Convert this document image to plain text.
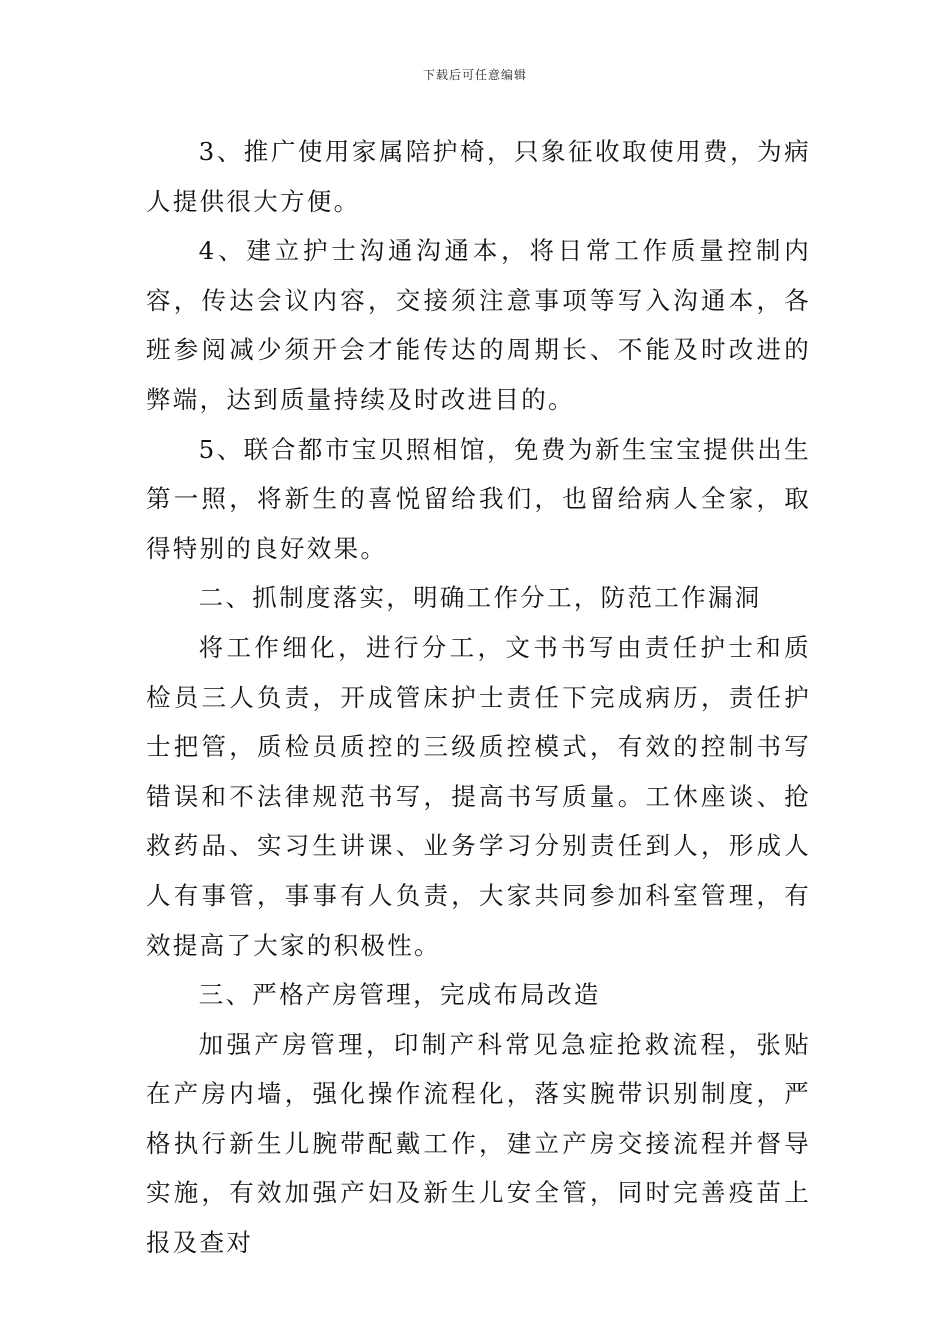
下载后可任意编辑

3、推广使用家属陪护椅，只象征收取使用费，为病人提供很大方便。

4、建立护士沟通沟通本，将日常工作质量控制内容，传达会议内容，交接须注意事项等写入沟通本，各班参阅减少须开会才能传达的周期长、不能及时改进的弊端，达到质量持续及时改进目的。

5、联合都市宝贝照相馆，免费为新生宝宝提供出生第一照，将新生的喜悦留给我们，也留给病人全家，取得特别的良好效果。

二、抓制度落实，明确工作分工，防范工作漏洞

将工作细化，进行分工，文书书写由责任护士和质检员三人负责，开成管床护士责任下完成病历，责任护士把管，质检员质控的三级质控模式，有效的控制书写错误和不法律规范书写，提高书写质量。工休座谈、抢救药品、实习生讲课、业务学习分别责任到人，形成人人有事管，事事有人负责，大家共同参加科室管理，有效提高了大家的积极性。

三、严格产房管理，完成布局改造

加强产房管理，印制产科常见急症抢救流程，张贴在产房内墙，强化操作流程化，落实腕带识别制度，严格执行新生儿腕带配戴工作，建立产房交接流程并督导实施，有效加强产妇及新生儿安全管，同时完善疫苗上报及查对
